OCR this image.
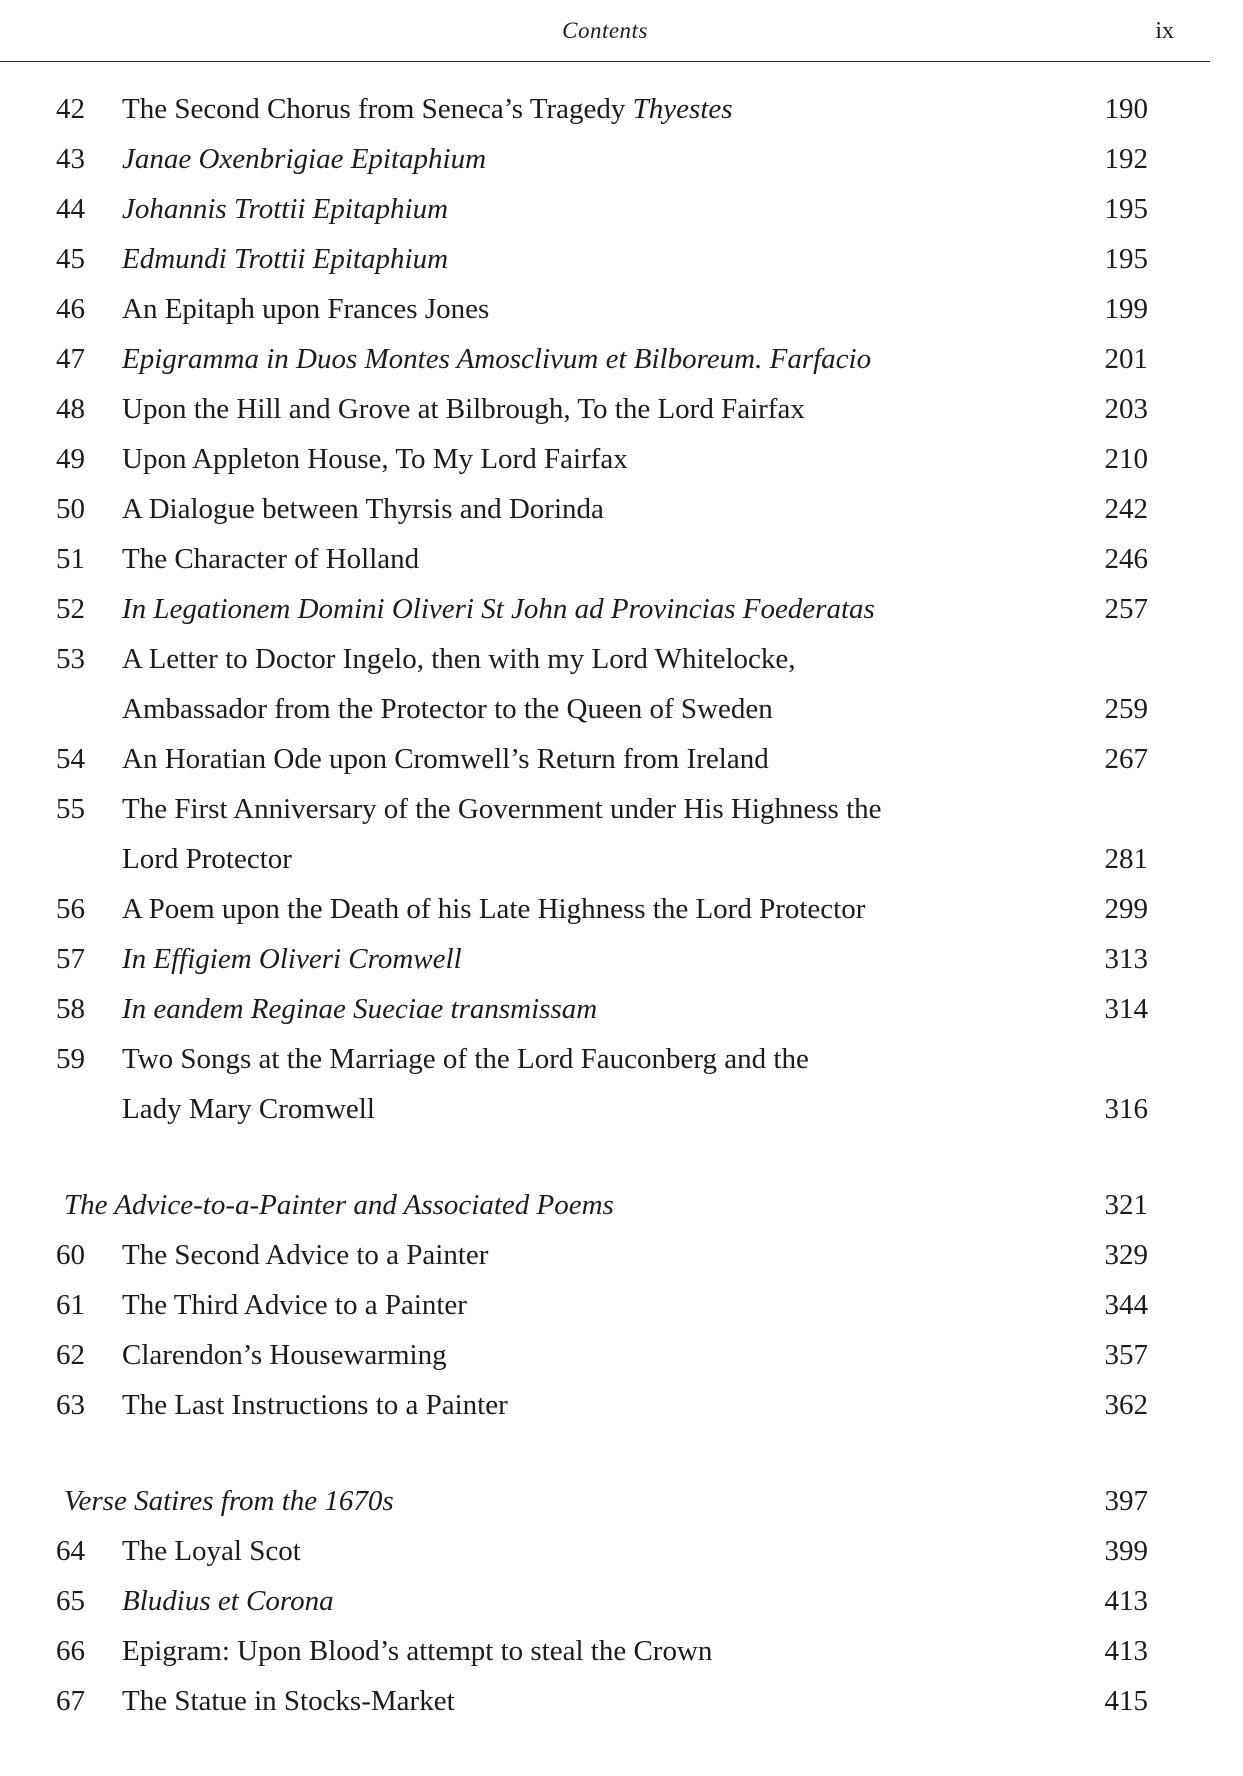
Contents	ix
42	The Second Chorus from Seneca’s Tragedy Thyestes	190
43	Janae Oxenbrigiae Epitaphium	192
44	Johannis Trottii Epitaphium	195
45	Edmundi Trottii Epitaphium	195
46	An Epitaph upon Frances Jones	199
47	Epigramma in Duos Montes Amosclivum et Bilboreum. Farfacio	201
48	Upon the Hill and Grove at Bilbrough, To the Lord Fairfax	203
49	Upon Appleton House, To My Lord Fairfax	210
50	A Dialogue between Thyrsis and Dorinda	242
51	The Character of Holland	246
52	In Legationem Domini Oliveri St John ad Provincias Foederatas	257
53	A Letter to Doctor Ingelo, then with my Lord Whitelocke,
Ambassador from the Protector to the Queen of Sweden	259
54	An Horatian Ode upon Cromwell’s Return from Ireland	267
55	The First Anniversary of the Government under His Highness the
Lord Protector	281
56	A Poem upon the Death of his Late Highness the Lord Protector	299
57	In Effigiem Oliveri Cromwell	313
58	In eandem Reginae Sueciae transmissam	314
59	Two Songs at the Marriage of the Lord Fauconberg and the
Lady Mary Cromwell	316
The Advice-to-a-Painter and Associated Poems	321
60	The Second Advice to a Painter	329
61	The Third Advice to a Painter	344
62	Clarendon’s Housewarming	357
63	The Last Instructions to a Painter	362
Verse Satires from the 1670s	397
64	The Loyal Scot	399
65	Bludius et Corona	413
66	Epigram: Upon Blood’s attempt to steal the Crown	413
67	The Statue in Stocks-Market	415
